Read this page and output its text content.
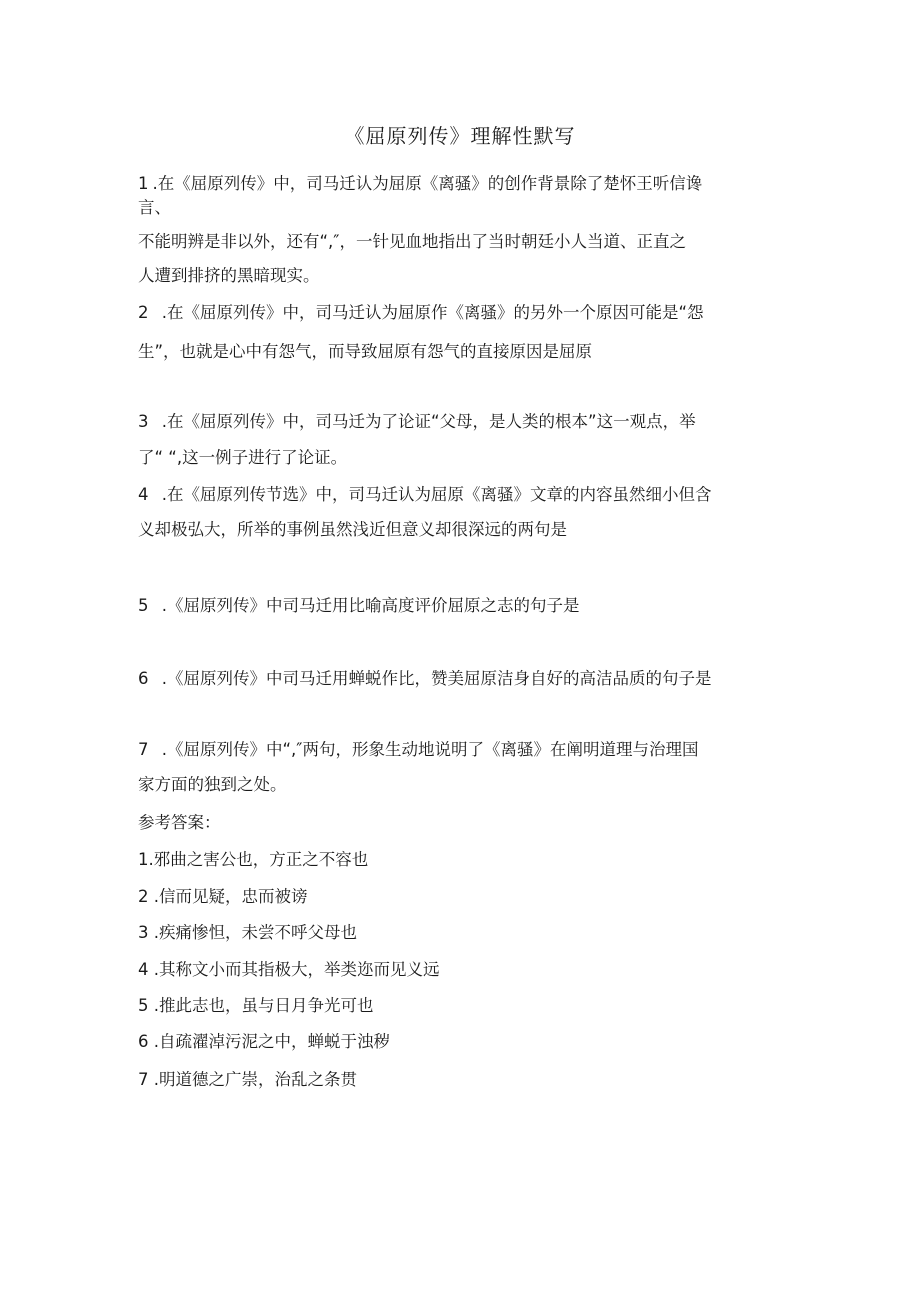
《屈原列传》理解性默写
1 .在《屈原列传》中，司马迁认为屈原《离骚》的创作背景除了楚怀王听信谗
言、
不能明辨是非以外，还有“,″，一针见血地指出了当时朝廷小人当道、正直之
人遭到排挤的黑暗现实。
2 .在《屈原列传》中，司马迁认为屈原作《离骚》的另外一个原因可能是“怨
生”，也就是心中有怨气，而导致屈原有怨气的直接原因是屈原
3 .在《屈原列传》中，司马迁为了论证“父母，是人类的根本”这一观点，举
了“ “,这一例子进行了论证。
4 .在《屈原列传节选》中，司马迁认为屈原《离骚》文章的内容虽然细小但含
义却极弘大，所举的事例虽然浅近但意义却很深远的两句是
5 .《屈原列传》中司马迁用比喻高度评价屈原之志的句子是
6 .《屈原列传》中司马迁用蝉蜕作比，赞美屈原洁身自好的高洁品质的句子是
7 .《屈原列传》中“,″两句，形象生动地说明了《离骚》在阐明道理与治理国
家方面的独到之处。
参考答案：
1.邪曲之害公也，方正之不容也
2 .信而见疑，忠而被谤
3 .疾痛惨怛，未尝不呼父母也
4 .其称文小而其指极大，举类迩而见义远
5 .推此志也，虽与日月争光可也
6 .自疏濯淖污泥之中，蝉蜕于浊秽
7 .明道德之广崇，治乱之条贯
